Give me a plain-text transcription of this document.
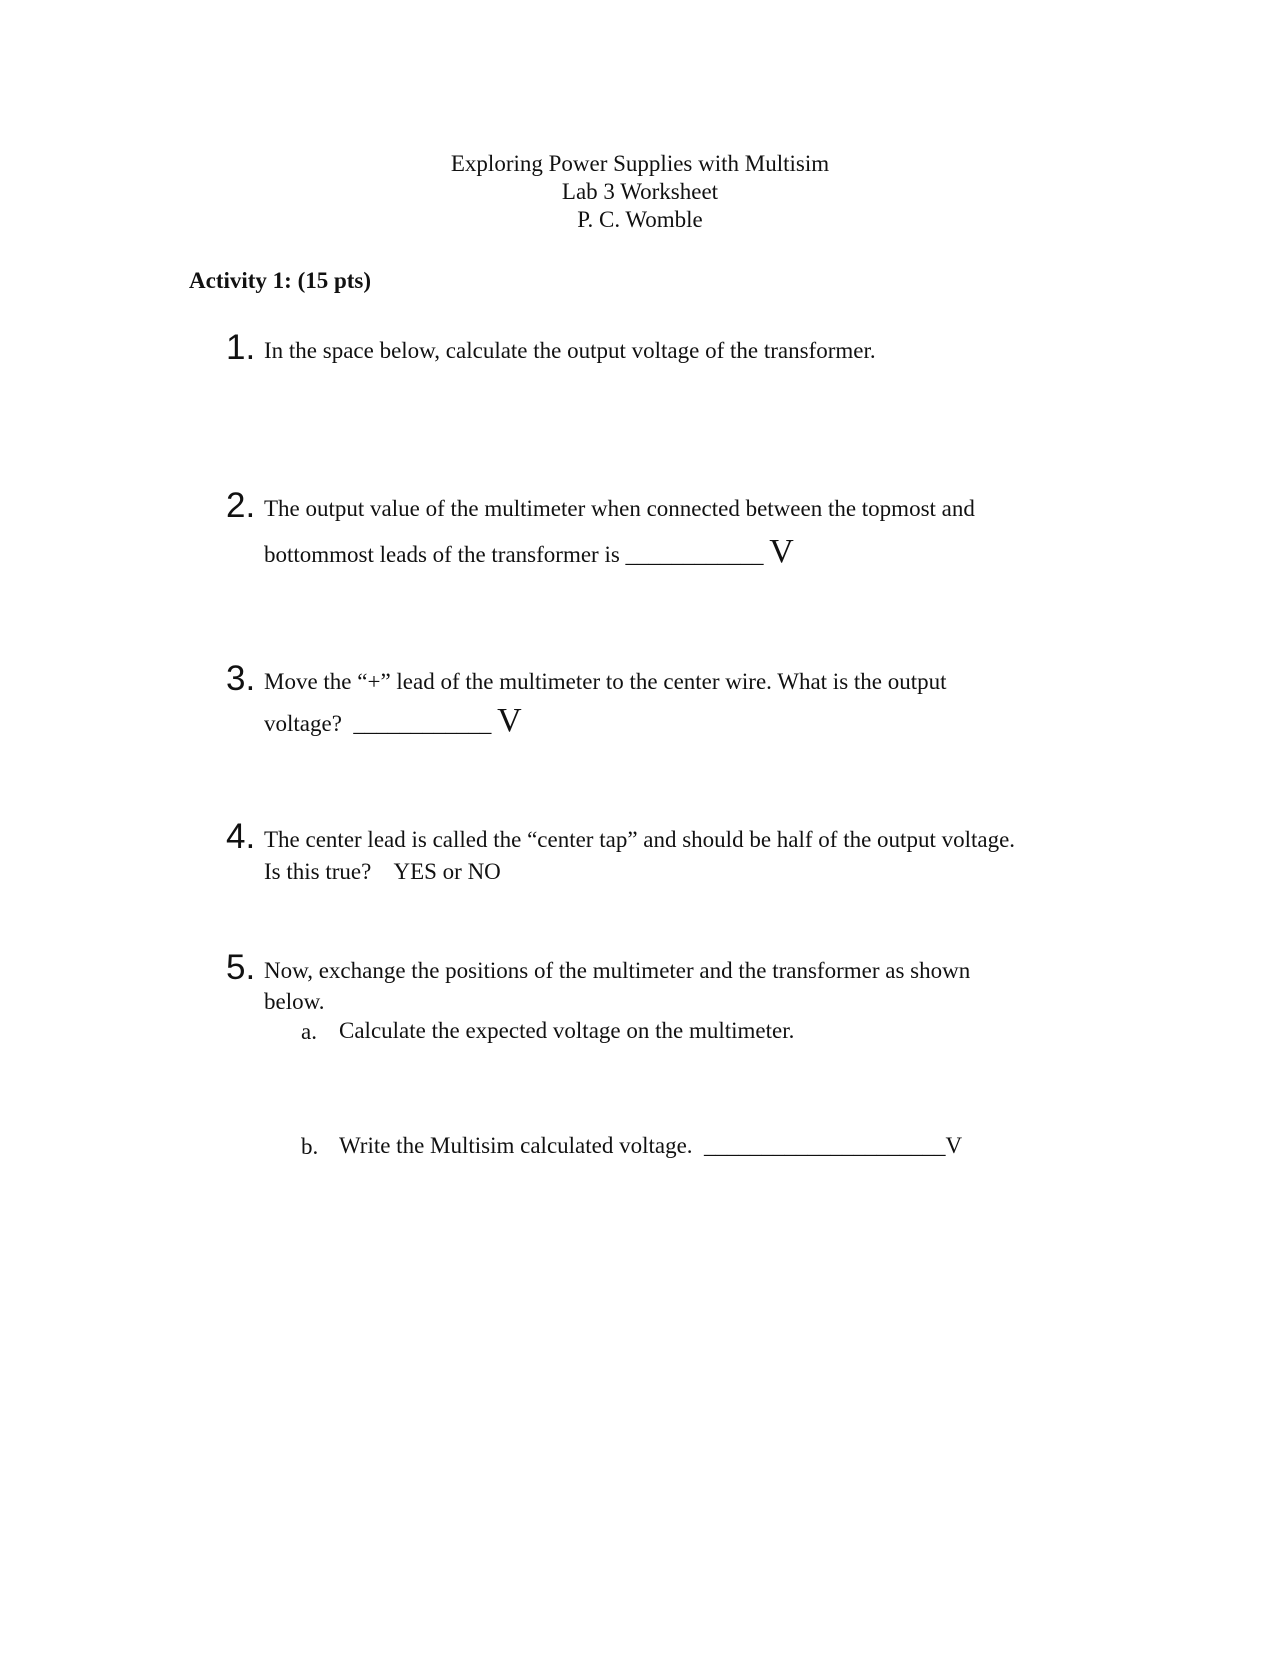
Exploring Power Supplies with Multisim
Lab 3 Worksheet
P. C. Womble
Activity 1: (15 pts)
1. In the space below, calculate the output voltage of the transformer.
2. The output value of the multimeter when connected between the topmost and
bottommost leads of the transformer is ____________ V
3. Move the “+” lead of the multimeter to the center wire. What is the output
voltage?  ____________ V
4. The center lead is called the “center tap” and should be half of the output voltage.
Is this true?    YES or NO
5. Now, exchange the positions of the multimeter and the transformer as shown
below.
a. Calculate the expected voltage on the multimeter.
b. Write the Multisim calculated voltage.  _____________________V
